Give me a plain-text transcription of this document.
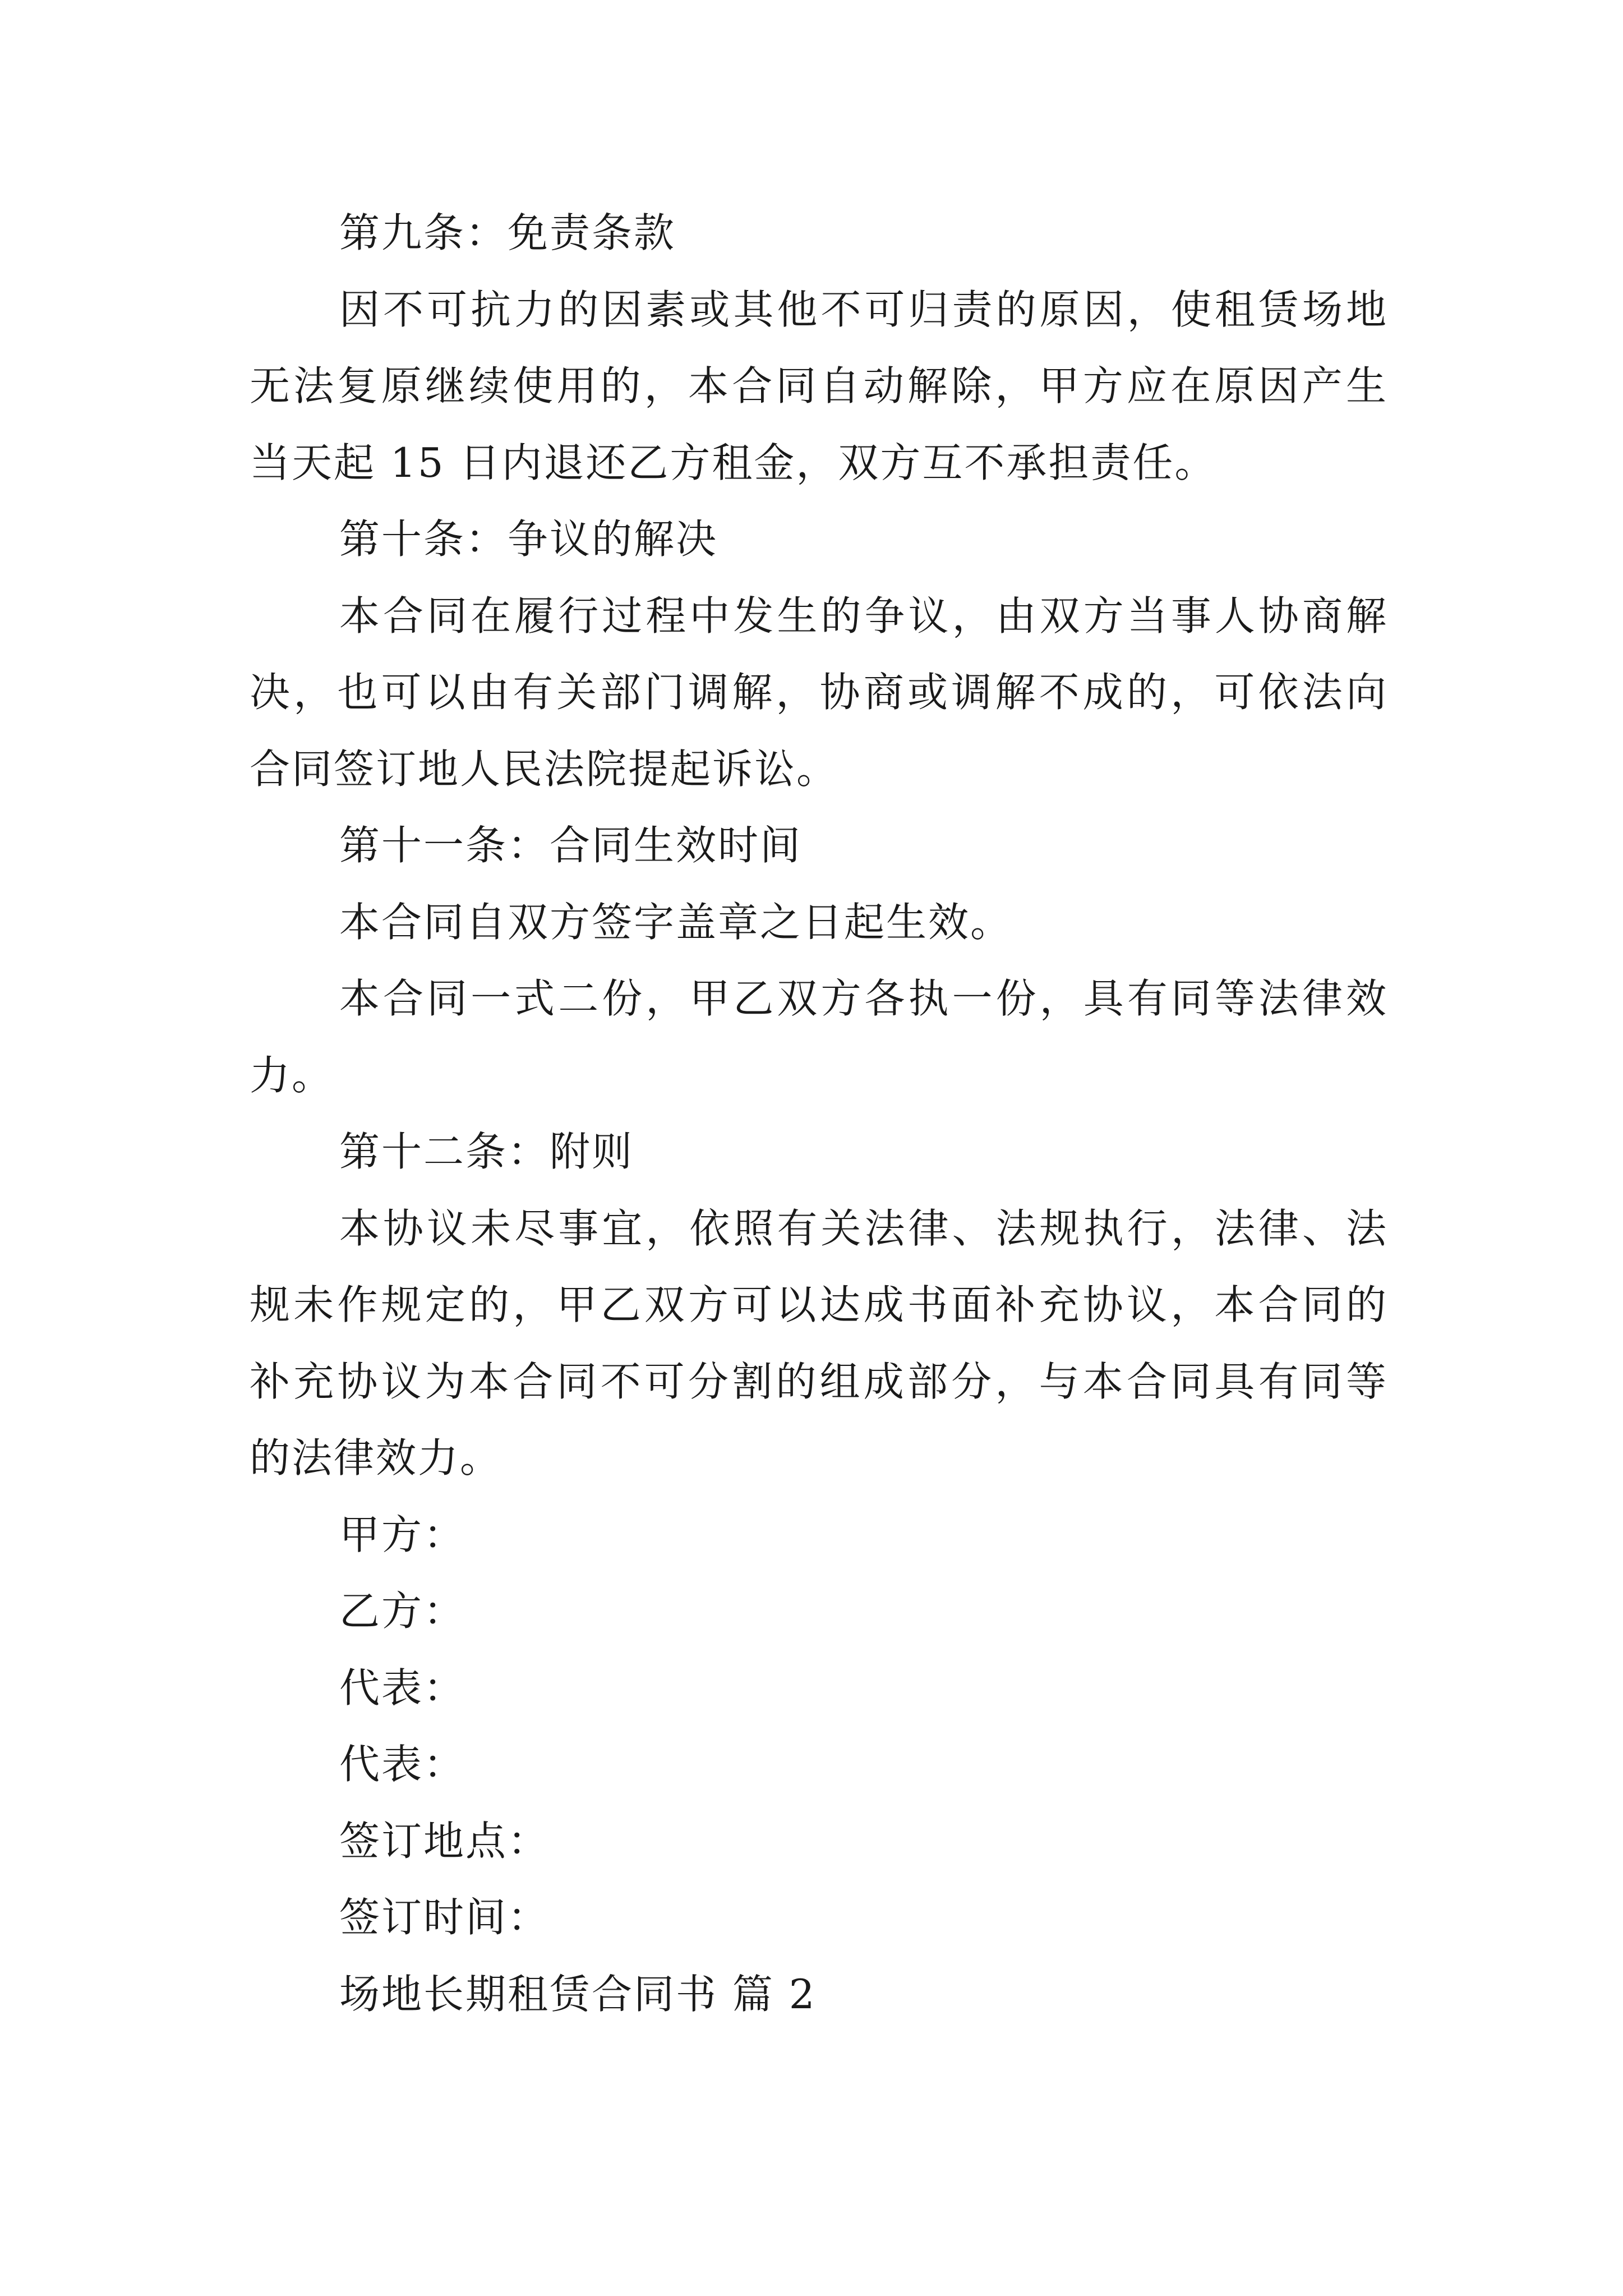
第九条：免责条款
因不可抗力的因素或其他不可归责的原因，使租赁场地
无法复原继续使用的，本合同自动解除，甲方应在原因产生
当天起 15 日内退还乙方租金，双方互不承担责任。
第十条：争议的解决
本合同在履行过程中发生的争议，由双方当事人协商解
决，也可以由有关部门调解，协商或调解不成的，可依法向
合同签订地人民法院提起诉讼。
第十一条：合同生效时间
本合同自双方签字盖章之日起生效。
本合同一式二份，甲乙双方各执一份，具有同等法律效
力。
第十二条：附则
本协议未尽事宜，依照有关法律、法规执行，法律、法
规未作规定的，甲乙双方可以达成书面补充协议，本合同的
补充协议为本合同不可分割的组成部分，与本合同具有同等
的法律效力。
甲方：
乙方：
代表：
代表：
签订地点：
签订时间：
场地长期租赁合同书 篇 2
